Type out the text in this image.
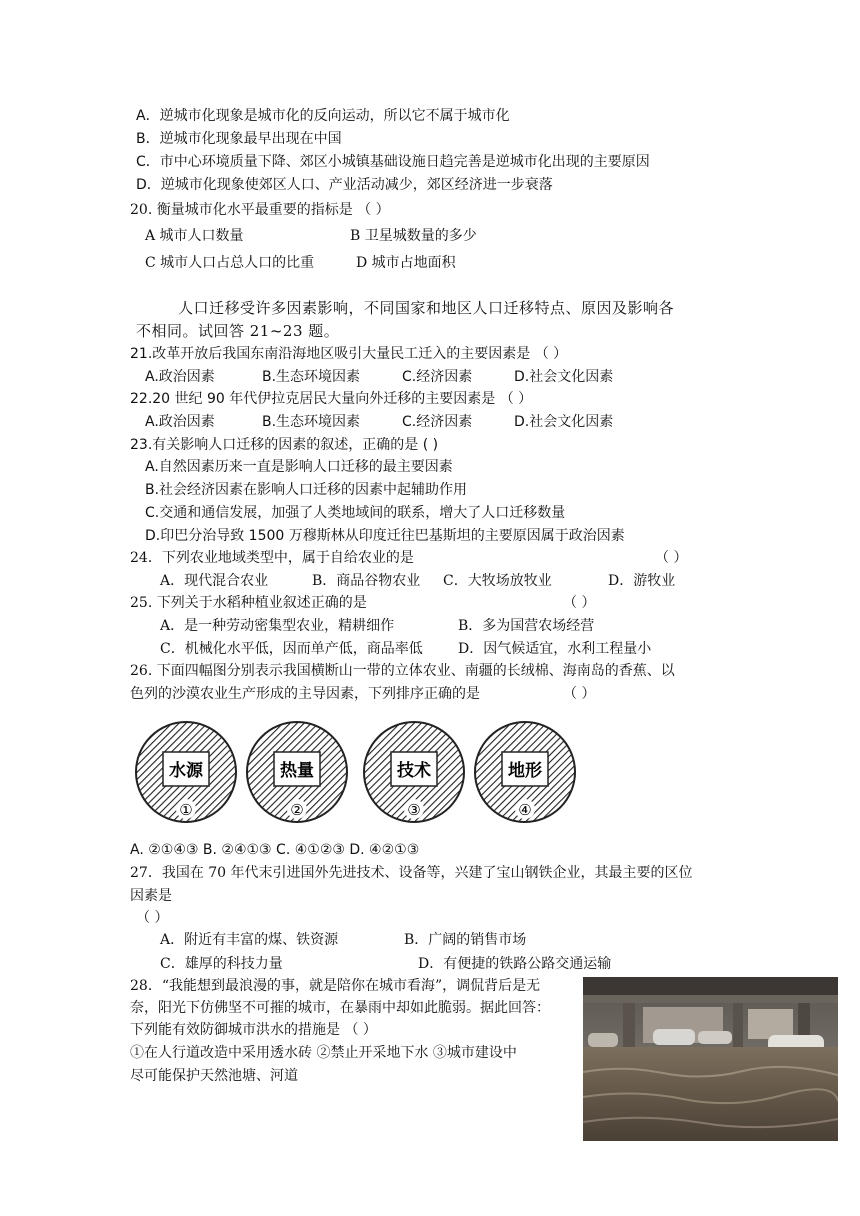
A．逆城市化现象是城市化的反向运动，所以它不属于城市化
B．逆城市化现象最早出现在中国
C．市中心环境质量下降、郊区小城镇基础设施日趋完善是逆城市化出现的主要原因
D．逆城市化现象使郊区人口、产业活动减少，郊区经济进一步衰落
20. 衡量城市化水平最重要的指标是 （ ）
A 城市人口数量	B 卫星城数量的多少
C 城市人口占总人口的比重	D 城市占地面积
人口迁移受许多因素影响，不同国家和地区人口迁移特点、原因及影响各
不相同。试回答 21~23 题。
21.改革开放后我国东南沿海地区吸引大量民工迁入的主要因素是 （ ）
A.政治因素	B.生态环境因素	C.经济因素	D.社会文化因素
22.20 世纪 90 年代伊拉克居民大量向外迁移的主要因素是 （ ）
A.政治因素	B.生态环境因素	C.经济因素	D.社会文化因素
23.有关影响人口迁移的因素的叙述，正确的是 ( )
A.自然因素历来一直是影响人口迁移的最主要因素
B.社会经济因素在影响人口迁移的因素中起辅助作用
C.交通和通信发展，加强了人类地域间的联系，增大了人口迁移数量
D.印巴分治导致 1500 万穆斯林从印度迁往巴基斯坦的主要原因属于政治因素
24．下列农业地域类型中，属于自给农业的是	（ ）
A．现代混合农业	B．商品谷物农业 C．大牧场放牧业	D．游牧业
25. 下列关于水稻种植业叙述正确的是	（ ）
A．是一种劳动密集型农业，精耕细作	B．多为国营农场经营
C．机械化水平低，因而单产低，商品率低	D．因气候适宜，水利工程量小
26. 下面四幅图分别表示我国横断山一带的立体农业、南疆的长绒棉、海南岛的香蕉、以
色列的沙漠农业生产形成的主导因素，下列排序正确的是	（ ）
水源
①
热量
②
技术
③
地形
④
A. ②①④③ B. ②④①③ C. ④①②③ D. ④②①③
27．我国在 70 年代末引进国外先进技术、设备等，兴建了宝山钢铁企业，其最主要的区位
因素是
（ ）
A．附近有丰富的煤、铁资源	B．广阔的销售市场
C．雄厚的科技力量	D．有便捷的铁路公路交通运输
28．“我能想到最浪漫的事，就是陪你在城市看海”，调侃背后是无
奈，阳光下仿佛坚不可摧的城市，在暴雨中却如此脆弱。据此回答：
下列能有效防御城市洪水的措施是 （ ）
①在人行道改造中采用透水砖 ②禁止开采地下水 ③城市建设中
尽可能保护天然池塘、河道
